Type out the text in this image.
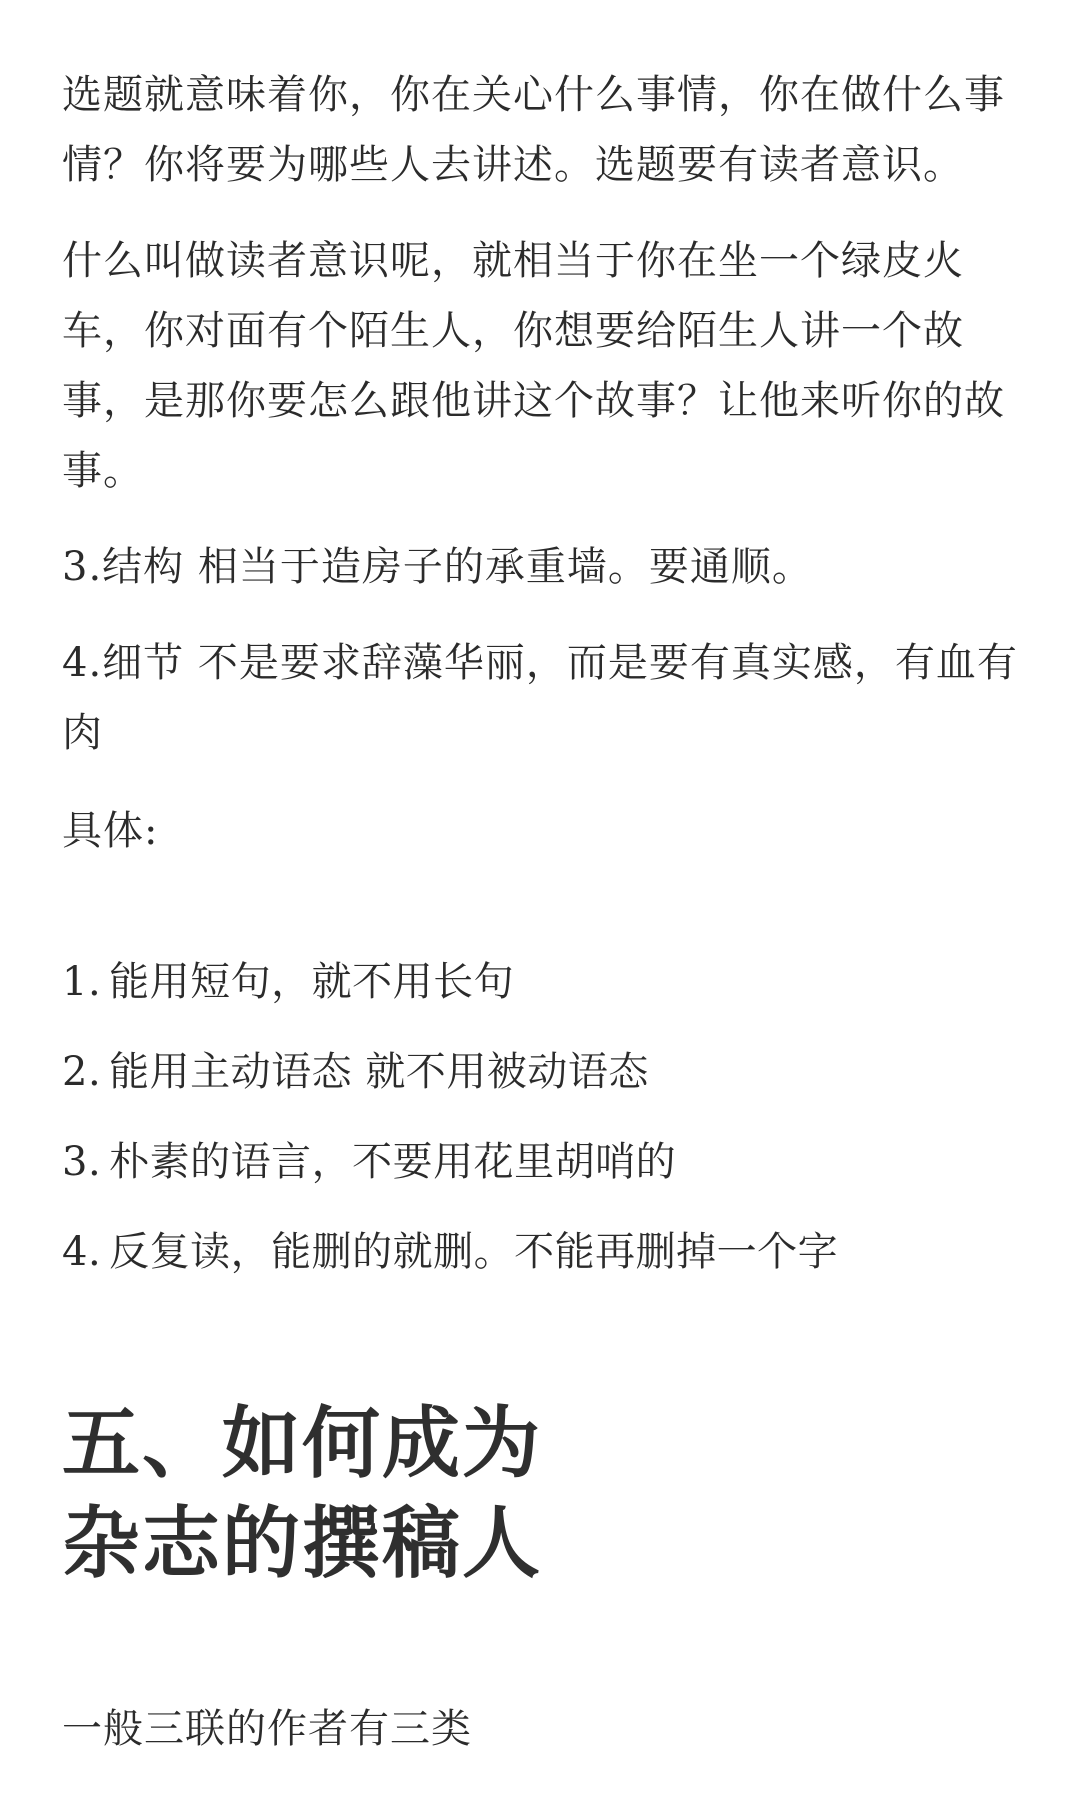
选题就意味着你，你在关心什么事情，你在做什么事情？你将要为哪些人去讲述。选题要有读者意识。

什么叫做读者意识呢，就相当于你在坐一个绿皮火车，你对面有个陌生人，你想要给陌生人讲一个故事，是那你要怎么跟他讲这个故事？让他来听你的故事。

3.结构 相当于造房子的承重墙。要通顺。

4.细节 不是要求辞藻华丽，而是要有真实感，有血有肉

具体:

1. 能用短句，就不用长句
2. 能用主动语态 就不用被动语态
3. 朴素的语言，不要用花里胡哨的
4. 反复读，能删的就删。不能再删掉一个字
五、如何成为
杂志的撰稿人

一般三联的作者有三类
